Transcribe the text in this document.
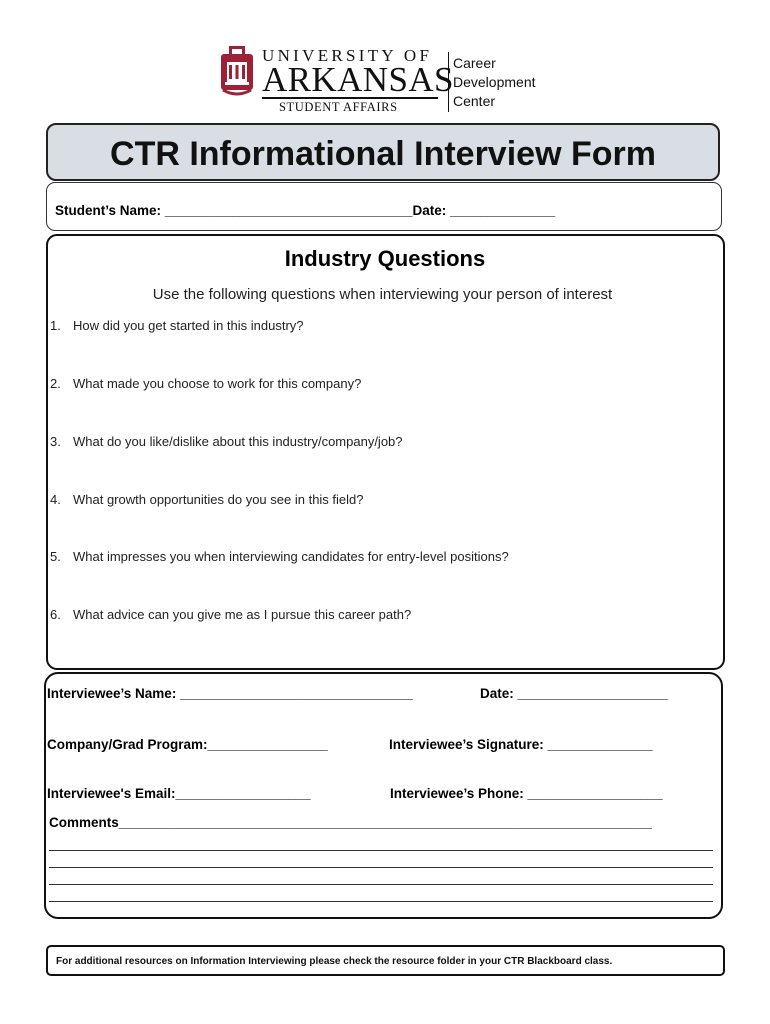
UNIVERSITY OF
ARKANSAS
STUDENT AFFAIRS
Career
Development
Center
CTR Informational Interview Form
Student’s Name: _________________________________Date: ______________
Industry Questions
Use the following questions when interviewing your person of interest
1. How did you get started in this industry?
2. What made you choose to work for this company?
3. What do you like/dislike about this industry/company/job?
4. What growth opportunities do you see in this field?
5. What impresses you when interviewing candidates for entry-level positions?
6. What advice can you give me as I pursue this career path?
Interviewee’s Name: _______________________________	Date: ____________________
Company/Grad Program:________________	Interviewee’s Signature: ______________
Interviewee's Email:__________________	Interviewee’s Phone: __________________
Comments_______________________________________________________________________
For additional resources on Information Interviewing please check the resource folder in your CTR Blackboard class.
